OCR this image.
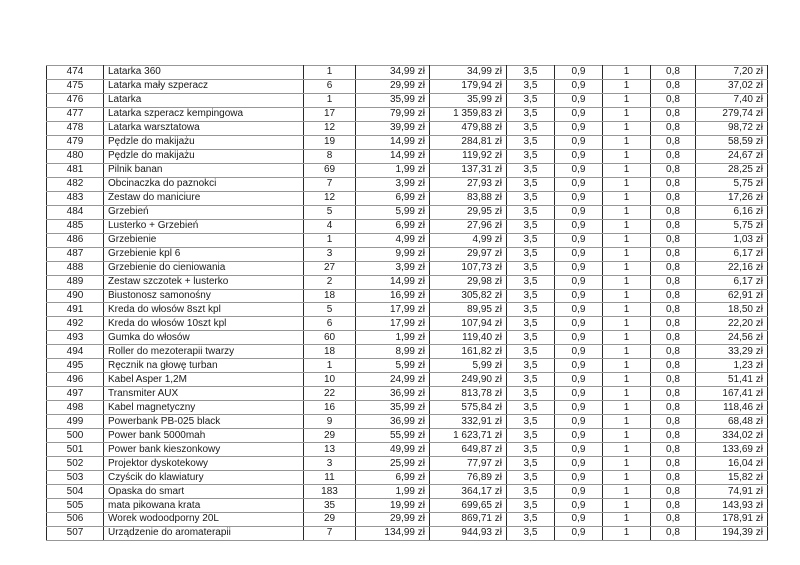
474	Latarka 360	1	34,99 zł	34,99 zł	3,5	0,9	1	0,8	7,20 zł
475	Latarka mały szperacz	6	29,99 zł	179,94 zł	3,5	0,9	1	0,8	37,02 zł
476	Latarka	1	35,99 zł	35,99 zł	3,5	0,9	1	0,8	7,40 zł
477	Latarka szperacz kempingowa	17	79,99 zł	1 359,83 zł	3,5	0,9	1	0,8	279,74 zł
478	Latarka warsztatowa	12	39,99 zł	479,88 zł	3,5	0,9	1	0,8	98,72 zł
479	Pędzle do makijażu	19	14,99 zł	284,81 zł	3,5	0,9	1	0,8	58,59 zł
480	Pędzle do makijażu	8	14,99 zł	119,92 zł	3,5	0,9	1	0,8	24,67 zł
481	Pilnik banan	69	1,99 zł	137,31 zł	3,5	0,9	1	0,8	28,25 zł
482	Obcinaczka do paznokci	7	3,99 zł	27,93 zł	3,5	0,9	1	0,8	5,75 zł
483	Zestaw do maniciure	12	6,99 zł	83,88 zł	3,5	0,9	1	0,8	17,26 zł
484	Grzebień	5	5,99 zł	29,95 zł	3,5	0,9	1	0,8	6,16 zł
485	Lusterko + Grzebień	4	6,99 zł	27,96 zł	3,5	0,9	1	0,8	5,75 zł
486	Grzebienie	1	4,99 zł	4,99 zł	3,5	0,9	1	0,8	1,03 zł
487	Grzebienie kpl 6	3	9,99 zł	29,97 zł	3,5	0,9	1	0,8	6,17 zł
488	Grzebienie do cieniowania	27	3,99 zł	107,73 zł	3,5	0,9	1	0,8	22,16 zł
489	Zestaw szczotek + lusterko	2	14,99 zł	29,98 zł	3,5	0,9	1	0,8	6,17 zł
490	Biustonosz samonośny	18	16,99 zł	305,82 zł	3,5	0,9	1	0,8	62,91 zł
491	Kreda do włosów 8szt kpl	5	17,99 zł	89,95 zł	3,5	0,9	1	0,8	18,50 zł
492	Kreda do włosów 10szt kpl	6	17,99 zł	107,94 zł	3,5	0,9	1	0,8	22,20 zł
493	Gumka do włosów	60	1,99 zł	119,40 zł	3,5	0,9	1	0,8	24,56 zł
494	Roller do mezoterapii twarzy	18	8,99 zł	161,82 zł	3,5	0,9	1	0,8	33,29 zł
495	Ręcznik na głowę turban	1	5,99 zł	5,99 zł	3,5	0,9	1	0,8	1,23 zł
496	Kabel Asper 1,2M	10	24,99 zł	249,90 zł	3,5	0,9	1	0,8	51,41 zł
497	Transmiter AUX	22	36,99 zł	813,78 zł	3,5	0,9	1	0,8	167,41 zł
498	Kabel magnetyczny	16	35,99 zł	575,84 zł	3,5	0,9	1	0,8	118,46 zł
499	Powerbank PB-025 black	9	36,99 zł	332,91 zł	3,5	0,9	1	0,8	68,48 zł
500	Power bank 5000mah	29	55,99 zł	1 623,71 zł	3,5	0,9	1	0,8	334,02 zł
501	Power bank kieszonkowy	13	49,99 zł	649,87 zł	3,5	0,9	1	0,8	133,69 zł
502	Projektor dyskotekowy	3	25,99 zł	77,97 zł	3,5	0,9	1	0,8	16,04 zł
503	Czyścik do klawiatury	11	6,99 zł	76,89 zł	3,5	0,9	1	0,8	15,82 zł
504	Opaska do smart	183	1,99 zł	364,17 zł	3,5	0,9	1	0,8	74,91 zł
505	mata pikowana krata	35	19,99 zł	699,65 zł	3,5	0,9	1	0,8	143,93 zł
506	Worek wodoodporny 20L	29	29,99 zł	869,71 zł	3,5	0,9	1	0,8	178,91 zł
507	Urządzenie do aromaterapii	7	134,99 zł	944,93 zł	3,5	0,9	1	0,8	194,39 zł
